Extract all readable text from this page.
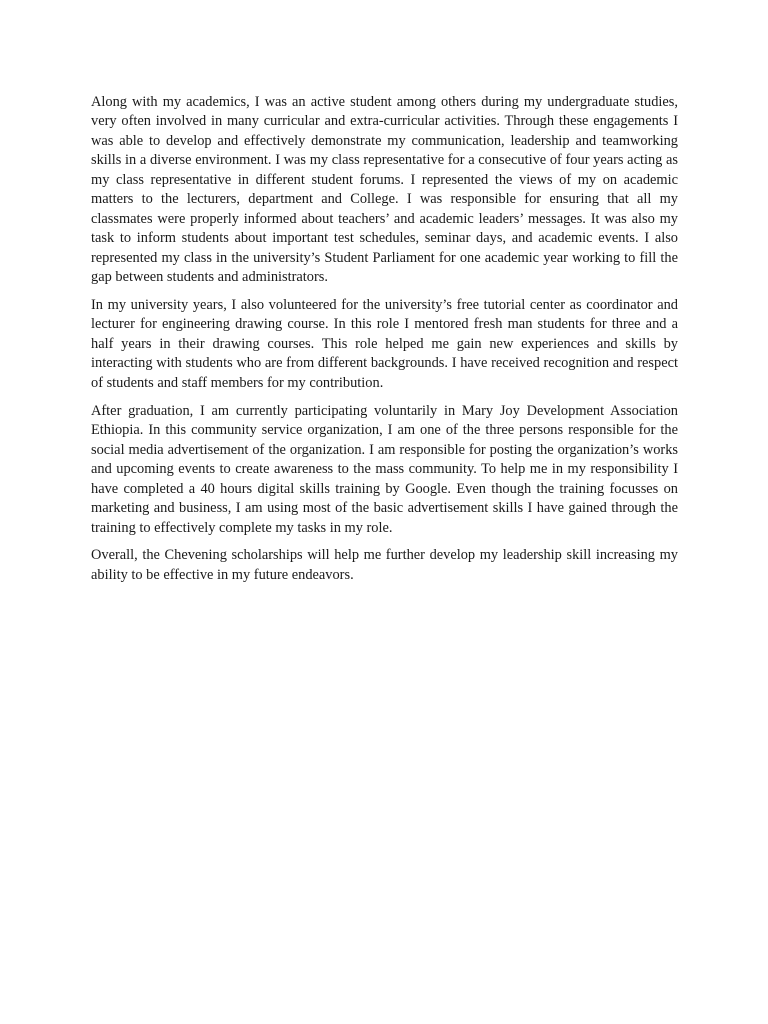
Along with my academics, I was an active student among others during my undergraduate studies, very often involved in many curricular and extra-curricular activities. Through these engagements I was able to develop and effectively demonstrate my communication, leadership and teamworking skills in a diverse environment. I was my class representative for a consecutive of four years acting as my class representative in different student forums. I represented the views of my on academic matters to the lecturers, department and College. I was responsible for ensuring that all my classmates were properly informed about teachers’ and academic leaders’ messages. It was also my task to inform students about important test schedules, seminar days, and academic events. I also represented my class in the university’s Student Parliament for one academic year working to fill the gap between students and administrators.

In my university years, I also volunteered for the university’s free tutorial center as coordinator and lecturer for engineering drawing course. In this role I mentored fresh man students for three and a half years in their drawing courses. This role helped me gain new experiences and skills by interacting with students who are from different backgrounds. I have received recognition and respect of students and staff members for my contribution.

After graduation, I am currently participating voluntarily in Mary Joy Development Association Ethiopia. In this community service organization, I am one of the three persons responsible for the social media advertisement of the organization. I am responsible for posting the organization’s works and upcoming events to create awareness to the mass community. To help me in my responsibility I have completed a 40 hours digital skills training by Google. Even though the training focusses on marketing and business, I am using most of the basic advertisement skills I have gained through the training to effectively complete my tasks in my role.

Overall, the Chevening scholarships will help me further develop my leadership skill increasing my ability to be effective in my future endeavors.
